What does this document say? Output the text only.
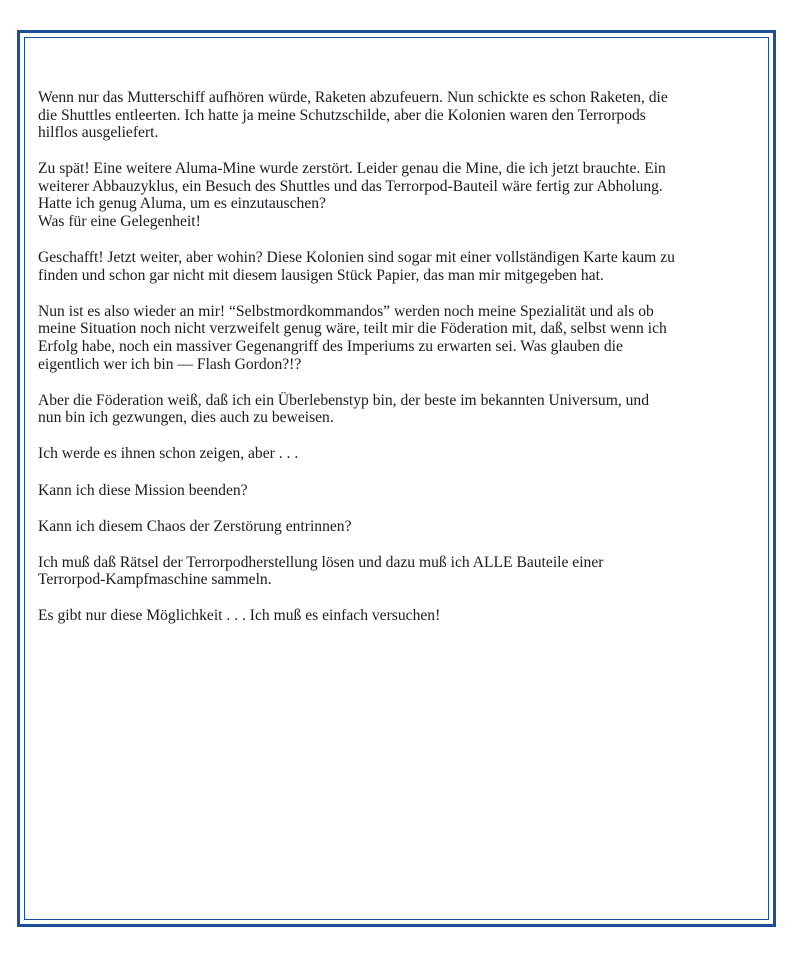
Wenn nur das Mutterschiff aufhören würde, Raketen abzufeuern. Nun schickte es schon Raketen, die
die Shuttles entleerten. Ich hatte ja meine Schutzschilde, aber die Kolonien waren den Terrorpods
hilflos ausgeliefert.

Zu spät! Eine weitere Aluma-Mine wurde zerstört. Leider genau die Mine, die ich jetzt brauchte. Ein
weiterer Abbauzyklus, ein Besuch des Shuttles und das Terrorpod-Bauteil wäre fertig zur Abholung.
Hatte ich genug Aluma, um es einzutauschen?
Was für eine Gelegenheit!

Geschafft! Jetzt weiter, aber wohin? Diese Kolonien sind sogar mit einer vollständigen Karte kaum zu
finden und schon gar nicht mit diesem lausigen Stück Papier, das man mir mitgegeben hat.

Nun ist es also wieder an mir! “Selbstmordkommandos” werden noch meine Spezialität und als ob
meine Situation noch nicht verzweifelt genug wäre, teilt mir die Föderation mit, daß, selbst wenn ich
Erfolg habe, noch ein massiver Gegenangriff des Imperiums zu erwarten sei. Was glauben die
eigentlich wer ich bin — Flash Gordon?!?

Aber die Föderation weiß, daß ich ein Überlebenstyp bin, der beste im bekannten Universum, und
nun bin ich gezwungen, dies auch zu beweisen.

Ich werde es ihnen schon zeigen, aber . . .

Kann ich diese Mission beenden?

Kann ich diesem Chaos der Zerstörung entrinnen?

Ich muß daß Rätsel der Terrorpodherstellung lösen und dazu muß ich ALLE Bauteile einer
Terrorpod-Kampfmaschine sammeln.

Es gibt nur diese Möglichkeit . . . Ich muß es einfach versuchen!
